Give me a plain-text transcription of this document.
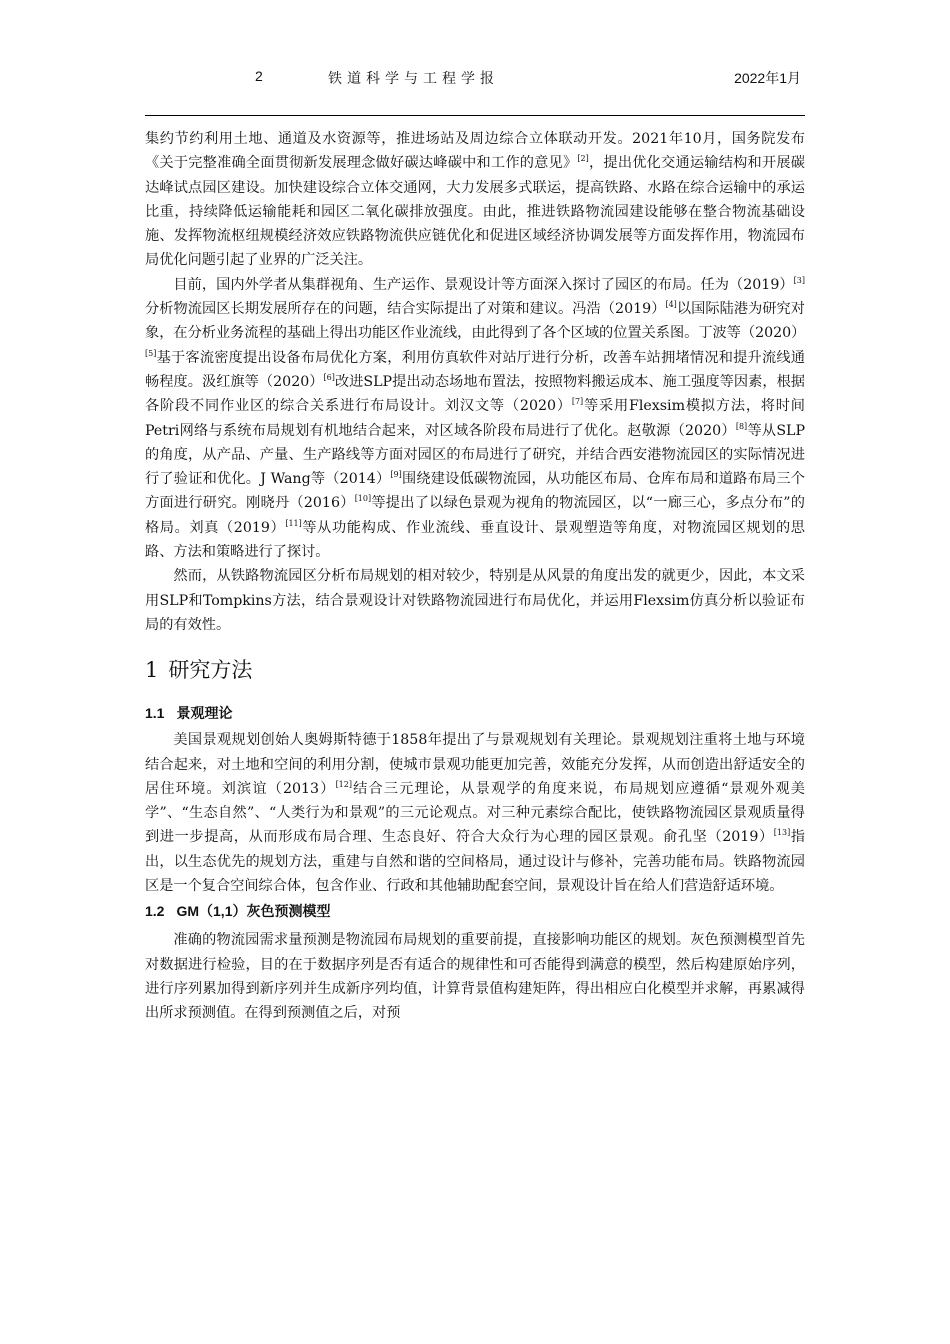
2	铁道科学与工程学报	2022年1月

集约节约利用土地、通道及水资源等，推进场站及周边综合立体联动开发。2021年10月，国务院发布《关于完整准确全面贯彻新发展理念做好碳达峰碳中和工作的意见》[2]，提出优化交通运输结构和开展碳达峰试点园区建设。加快建设综合立体交通网，大力发展多式联运，提高铁路、水路在综合运输中的承运比重，持续降低运输能耗和园区二氧化碳排放强度。由此，推进铁路物流园建设能够在整合物流基础设施、发挥物流枢纽规模经济效应铁路物流供应链优化和促进区域经济协调发展等方面发挥作用，物流园布局优化问题引起了业界的广泛关注。

目前，国内外学者从集群视角、生产运作、景观设计等方面深入探讨了园区的布局。任为（2019）[3]分析物流园区长期发展所存在的问题，结合实际提出了对策和建议。冯浩（2019）[4]以国际陆港为研究对象，在分析业务流程的基础上得出功能区作业流线，由此得到了各个区域的位置关系图。丁波等（2020）[5]基于客流密度提出设备布局优化方案，利用仿真软件对站厅进行分析，改善车站拥堵情况和提升流线通畅程度。汲红旗等（2020）[6]改进SLP提出动态场地布置法，按照物料搬运成本、施工强度等因素，根据各阶段不同作业区的综合关系进行布局设计。刘汉文等（2020）[7]等采用Flexsim模拟方法，将时间Petri网络与系统布局规划有机地结合起来，对区域各阶段布局进行了优化。赵敬源（2020）[8]等从SLP的角度，从产品、产量、生产路线等方面对园区的布局进行了研究，并结合西安港物流园区的实际情况进行了验证和优化。J Wang等（2014）[9]围绕建设低碳物流园，从功能区布局、仓库布局和道路布局三个方面进行研究。刚晓丹（2016）[10]等提出了以绿色景观为视角的物流园区，以“一廊三心，多点分布”的格局。刘真（2019）[11]等从功能构成、作业流线、垂直设计、景观塑造等角度，对物流园区规划的思路、方法和策略进行了探讨。

然而，从铁路物流园区分析布局规划的相对较少，特别是从风景的角度出发的就更少，因此，本文采用SLP和Tompkins方法，结合景观设计对铁路物流园进行布局优化，并运用Flexsim仿真分析以验证布局的有效性。

1 研究方法
1.1 景观理论

美国景观规划创始人奥姆斯特德于1858年提出了与景观规划有关理论。景观规划注重将土地与环境结合起来，对土地和空间的利用分割，使城市景观功能更加完善，效能充分发挥，从而创造出舒适安全的居住环境。刘滨谊（2013）[12]结合三元理论，从景观学的角度来说，布局规划应遵循“景观外观美学”、“生态自然”、“人类行为和景观”的三元论观点。对三种元素综合配比，使铁路物流园区景观质量得到进一步提高，从而形成布局合理、生态良好、符合大众行为心理的园区景观。俞孔坚（2019）[13]指出，以生态优先的规划方法，重建与自然和谐的空间格局，通过设计与修补，完善功能布局。铁路物流园区是一个复合空间综合体，包含作业、行政和其他辅助配套空间，景观设计旨在给人们营造舒适环境。

1.2 GM（1,1）灰色预测模型

准确的物流园需求量预测是物流园布局规划的重要前提，直接影响功能区的规划。灰色预测模型首先对数据进行检验，目的在于数据序列是否有适合的规律性和可否能得到满意的模型，然后构建原始序列，进行序列累加得到新序列并生成新序列均值，计算背景值构建矩阵，得出相应白化模型并求解，再累减得出所求预测值。在得到预测值之后，对预
